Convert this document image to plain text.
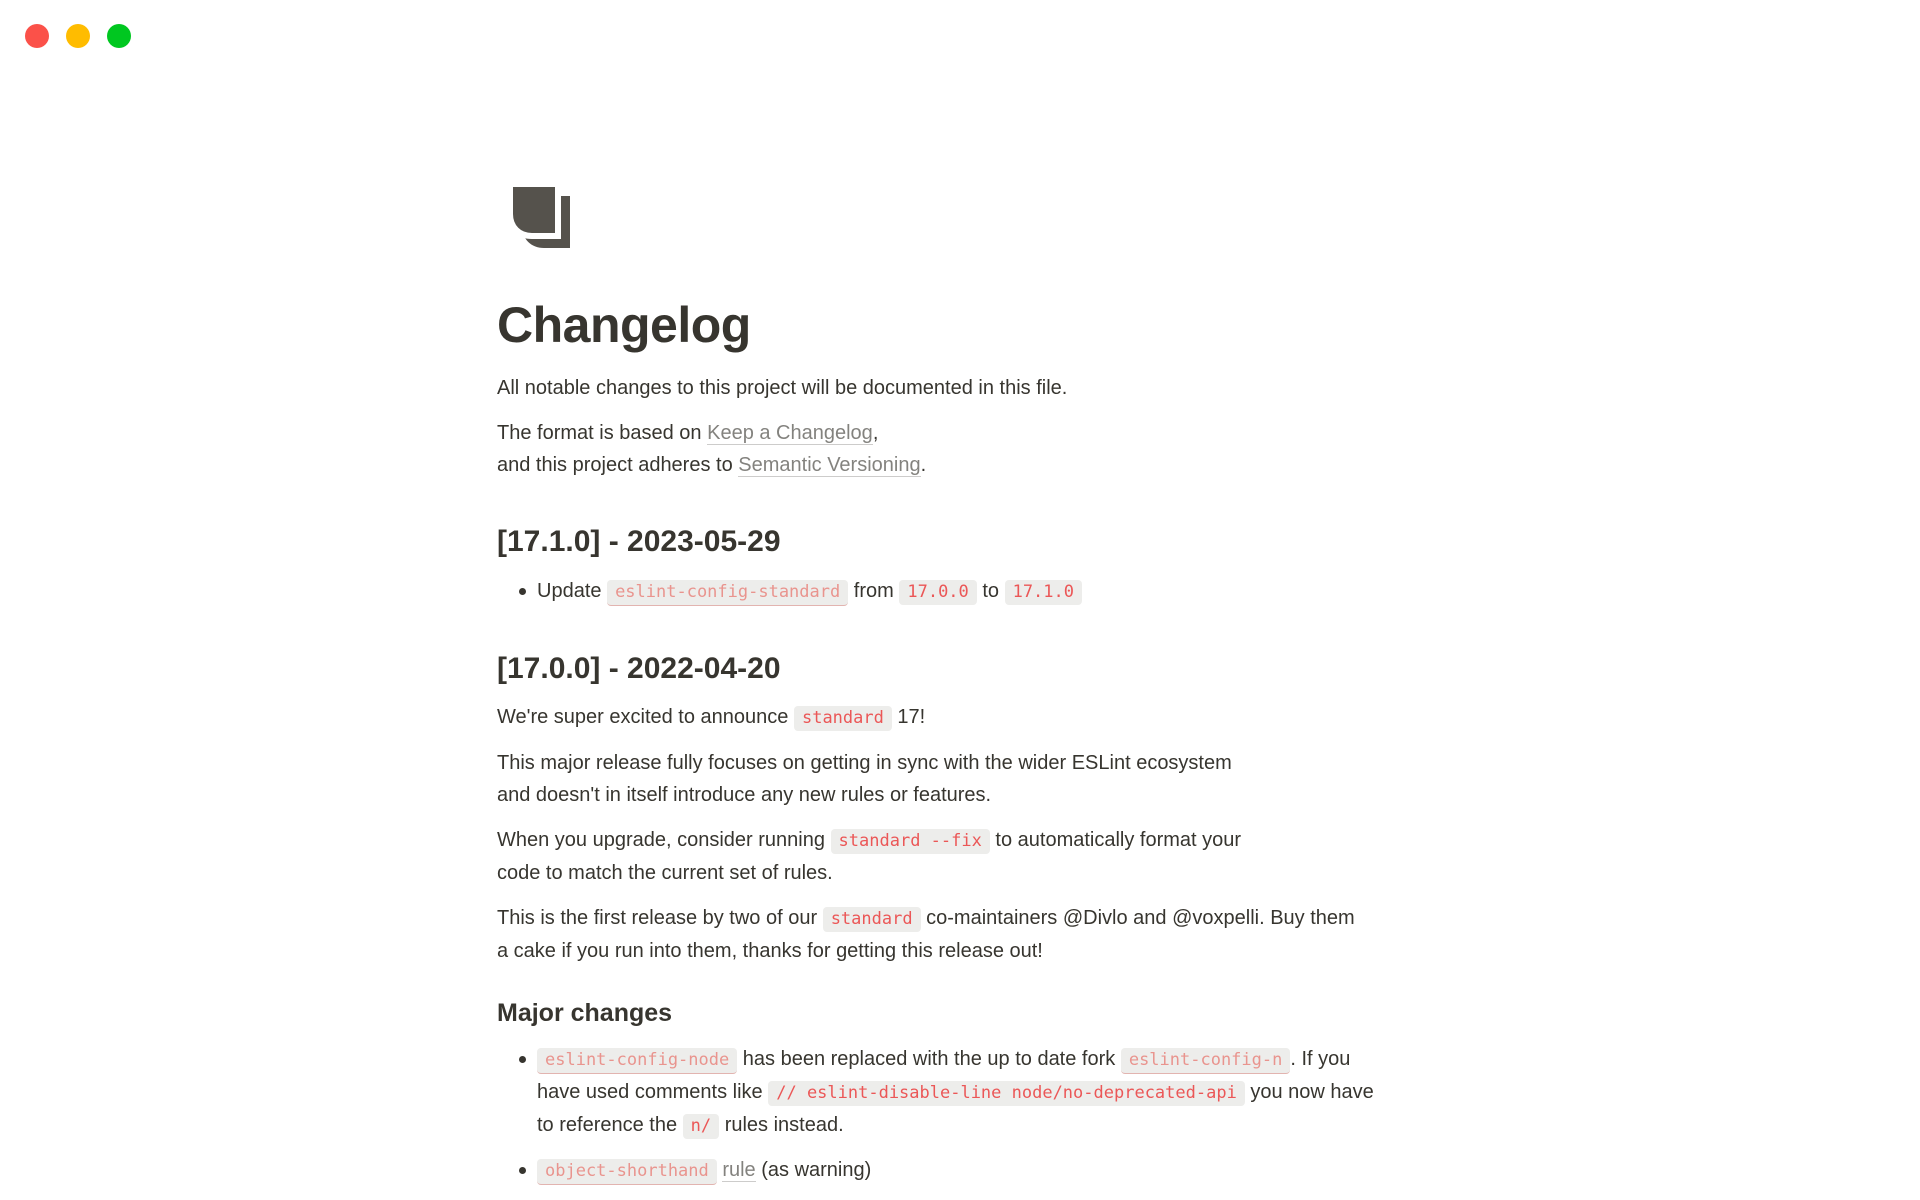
Changelog

All notable changes to this project will be documented in this file.

The format is based on Keep a Changelog,
and this project adheres to Semantic Versioning.

[17.1.0] - 2023-05-29
Update eslint-config-standard from 17.0.0 to 17.1.0
[17.0.0] - 2022-04-20

We're super excited to announce standard 17!

This major release fully focuses on getting in sync with the wider ESLint ecosystem
and doesn't in itself introduce any new rules or features.

When you upgrade, consider running standard --fix to automatically format your
code to match the current set of rules.

This is the first release by two of our standard co-maintainers @Divlo and @voxpelli. Buy them
a cake if you run into them, thanks for getting this release out!

Major changes
eslint-config-node has been replaced with the up to date fork eslint-config-n . If you
have used comments like // eslint-disable-line node/no-deprecated-api you now have
to reference the n/ rules instead.
object-shorthand rule (as warning)
